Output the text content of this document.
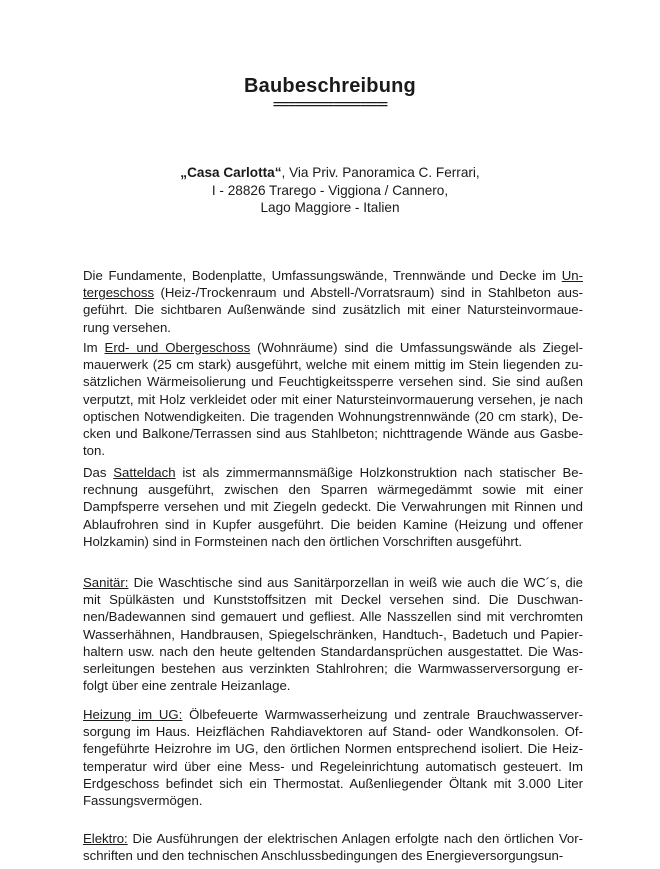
Baubeschreibung
=====================
„Casa Carlotta“, Via Priv. Panoramica C. Ferrari,
I - 28826 Trarego - Viggiona / Cannero,
Lago Maggiore - Italien
Die Fundamente, Bodenplatte, Umfassungswände, Trennwände und Decke im Un-
tergeschoss (Heiz-/Trockenraum und Abstell-/Vorratsraum) sind in Stahlbeton aus-
geführt. Die sichtbaren Außenwände sind zusätzlich mit einer Natursteinvormaue-
rung versehen.
Im Erd- und Obergeschoss (Wohnräume) sind die Umfassungswände als Ziegel-
mauerwerk (25 cm stark) ausgeführt, welche mit einem mittig im Stein liegenden zu-
sätzlichen Wärmeisolierung und Feuchtigkeitssperre versehen sind. Sie sind außen
verputzt, mit Holz verkleidet oder mit einer Natursteinvormauerung versehen, je nach
optischen Notwendigkeiten. Die tragenden Wohnungstrennwände (20 cm stark), De-
cken und Balkone/Terrassen sind aus Stahlbeton; nichttragende Wände aus Gasbe-
ton.
Das Satteldach ist als zimmermannsmäßige Holzkonstruktion nach statischer Be-
rechnung ausgeführt, zwischen den Sparren wärmegedämmt sowie mit einer
Dampfsperre versehen und mit Ziegeln gedeckt. Die Verwahrungen mit Rinnen und
Ablaufrohren sind in Kupfer ausgeführt. Die beiden Kamine (Heizung und offener
Holzkamin) sind in Formsteinen nach den örtlichen Vorschriften ausgeführt.
Sanitär: Die Waschtische sind aus Sanitärporzellan in weiß wie auch die WC´s, die
mit Spülkästen und Kunststoffsitzen mit Deckel versehen sind. Die Duschwan-
nen/Badewannen sind gemauert und gefliest. Alle Nasszellen sind mit verchromten
Wasserhähnen, Handbrausen, Spiegelschränken, Handtuch-, Badetuch und Papier-
haltern usw. nach den heute geltenden Standardansprüchen ausgestattet. Die Was-
serleitungen bestehen aus verzinkten Stahlrohren; die Warmwasserversorgung er-
folgt über eine zentrale Heizanlage.
Heizung im UG: Ölbefeuerte Warmwasserheizung und zentrale Brauchwasserver-
sorgung im Haus. Heizflächen Rahdiavektoren auf Stand- oder Wandkonsolen. Of-
fengeführte Heizrohre im UG, den örtlichen Normen entsprechend isoliert. Die Heiz-
temperatur wird über eine Mess- und Regeleinrichtung automatisch gesteuert. Im
Erdgeschoss befindet sich ein Thermostat. Außenliegender Öltank mit 3.000 Liter
Fassungsvermögen.
Elektro: Die Ausführungen der elektrischen Anlagen erfolgte nach den örtlichen Vor-
schriften und den technischen Anschlussbedingungen des Energieversorgungsun-
